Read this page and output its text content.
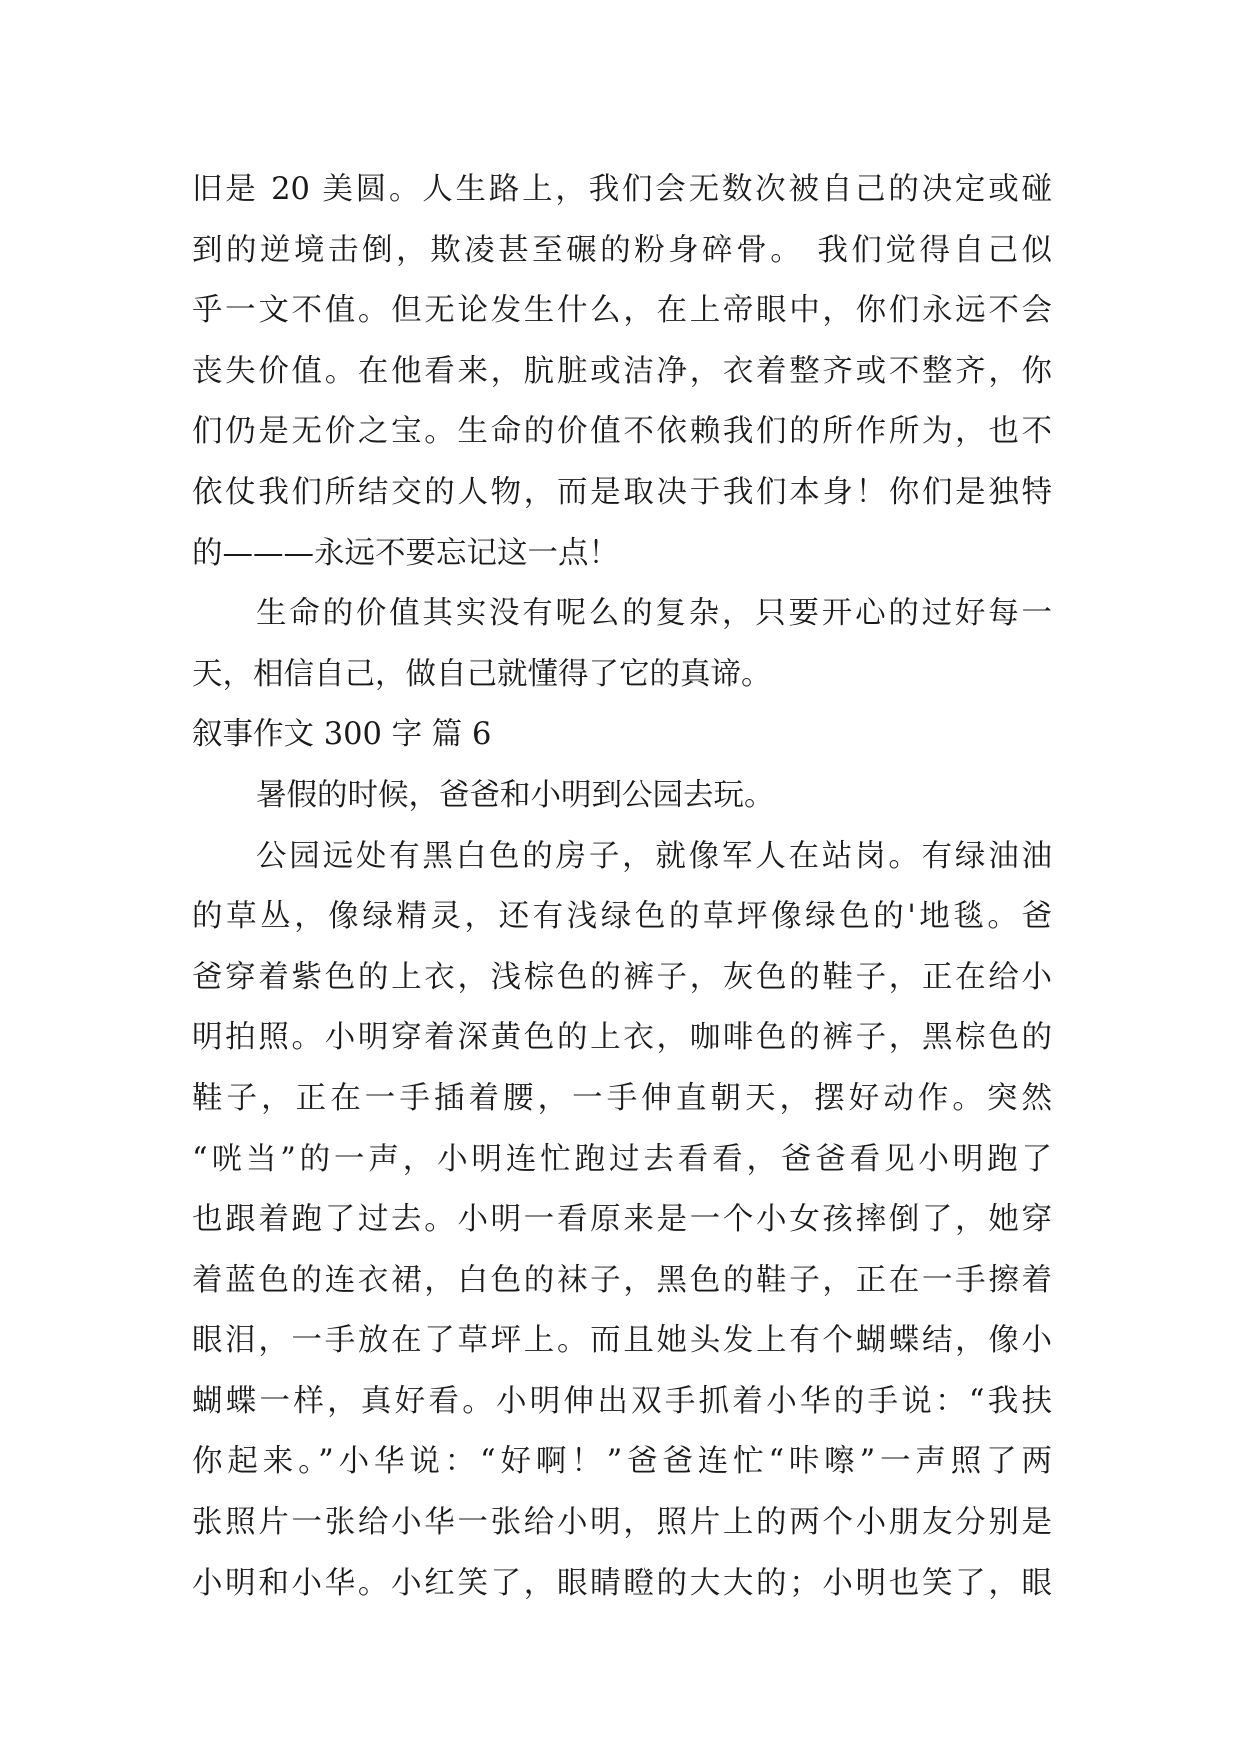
旧是 20 美圆。人生路上，我们会无数次被自己的决定或碰
到的逆境击倒，欺凌甚至碾的粉身碎骨。 我们觉得自己似
乎一文不值。但无论发生什么，在上帝眼中，你们永远不会
丧失价值。在他看来，肮脏或洁净，衣着整齐或不整齐，你
们仍是无价之宝。生命的价值不依赖我们的所作所为，也不
依仗我们所结交的人物，而是取决于我们本身！你们是独特
的———永远不要忘记这一点！
生命的价值其实没有呢么的复杂，只要开心的过好每一
天，相信自己，做自己就懂得了它的真谛。
叙事作文 300 字 篇 6
暑假的时候，爸爸和小明到公园去玩。
公园远处有黑白色的房子，就像军人在站岗。有绿油油
的草丛，像绿精灵，还有浅绿色的草坪像绿色的'地毯。爸
爸穿着紫色的上衣，浅棕色的裤子，灰色的鞋子，正在给小
明拍照。小明穿着深黄色的上衣，咖啡色的裤子，黑棕色的
鞋子，正在一手插着腰，一手伸直朝天，摆好动作。突然
“咣当”的一声，小明连忙跑过去看看，爸爸看见小明跑了
也跟着跑了过去。小明一看原来是一个小女孩摔倒了，她穿
着蓝色的连衣裙，白色的袜子，黑色的鞋子，正在一手擦着
眼泪，一手放在了草坪上。而且她头发上有个蝴蝶结，像小
蝴蝶一样，真好看。小明伸出双手抓着小华的手说：“我扶
你起来。”小华说：“好啊！”爸爸连忙“咔嚓”一声照了两
张照片一张给小华一张给小明，照片上的两个小朋友分别是
小明和小华。小红笑了，眼睛瞪的大大的；小明也笑了，眼
